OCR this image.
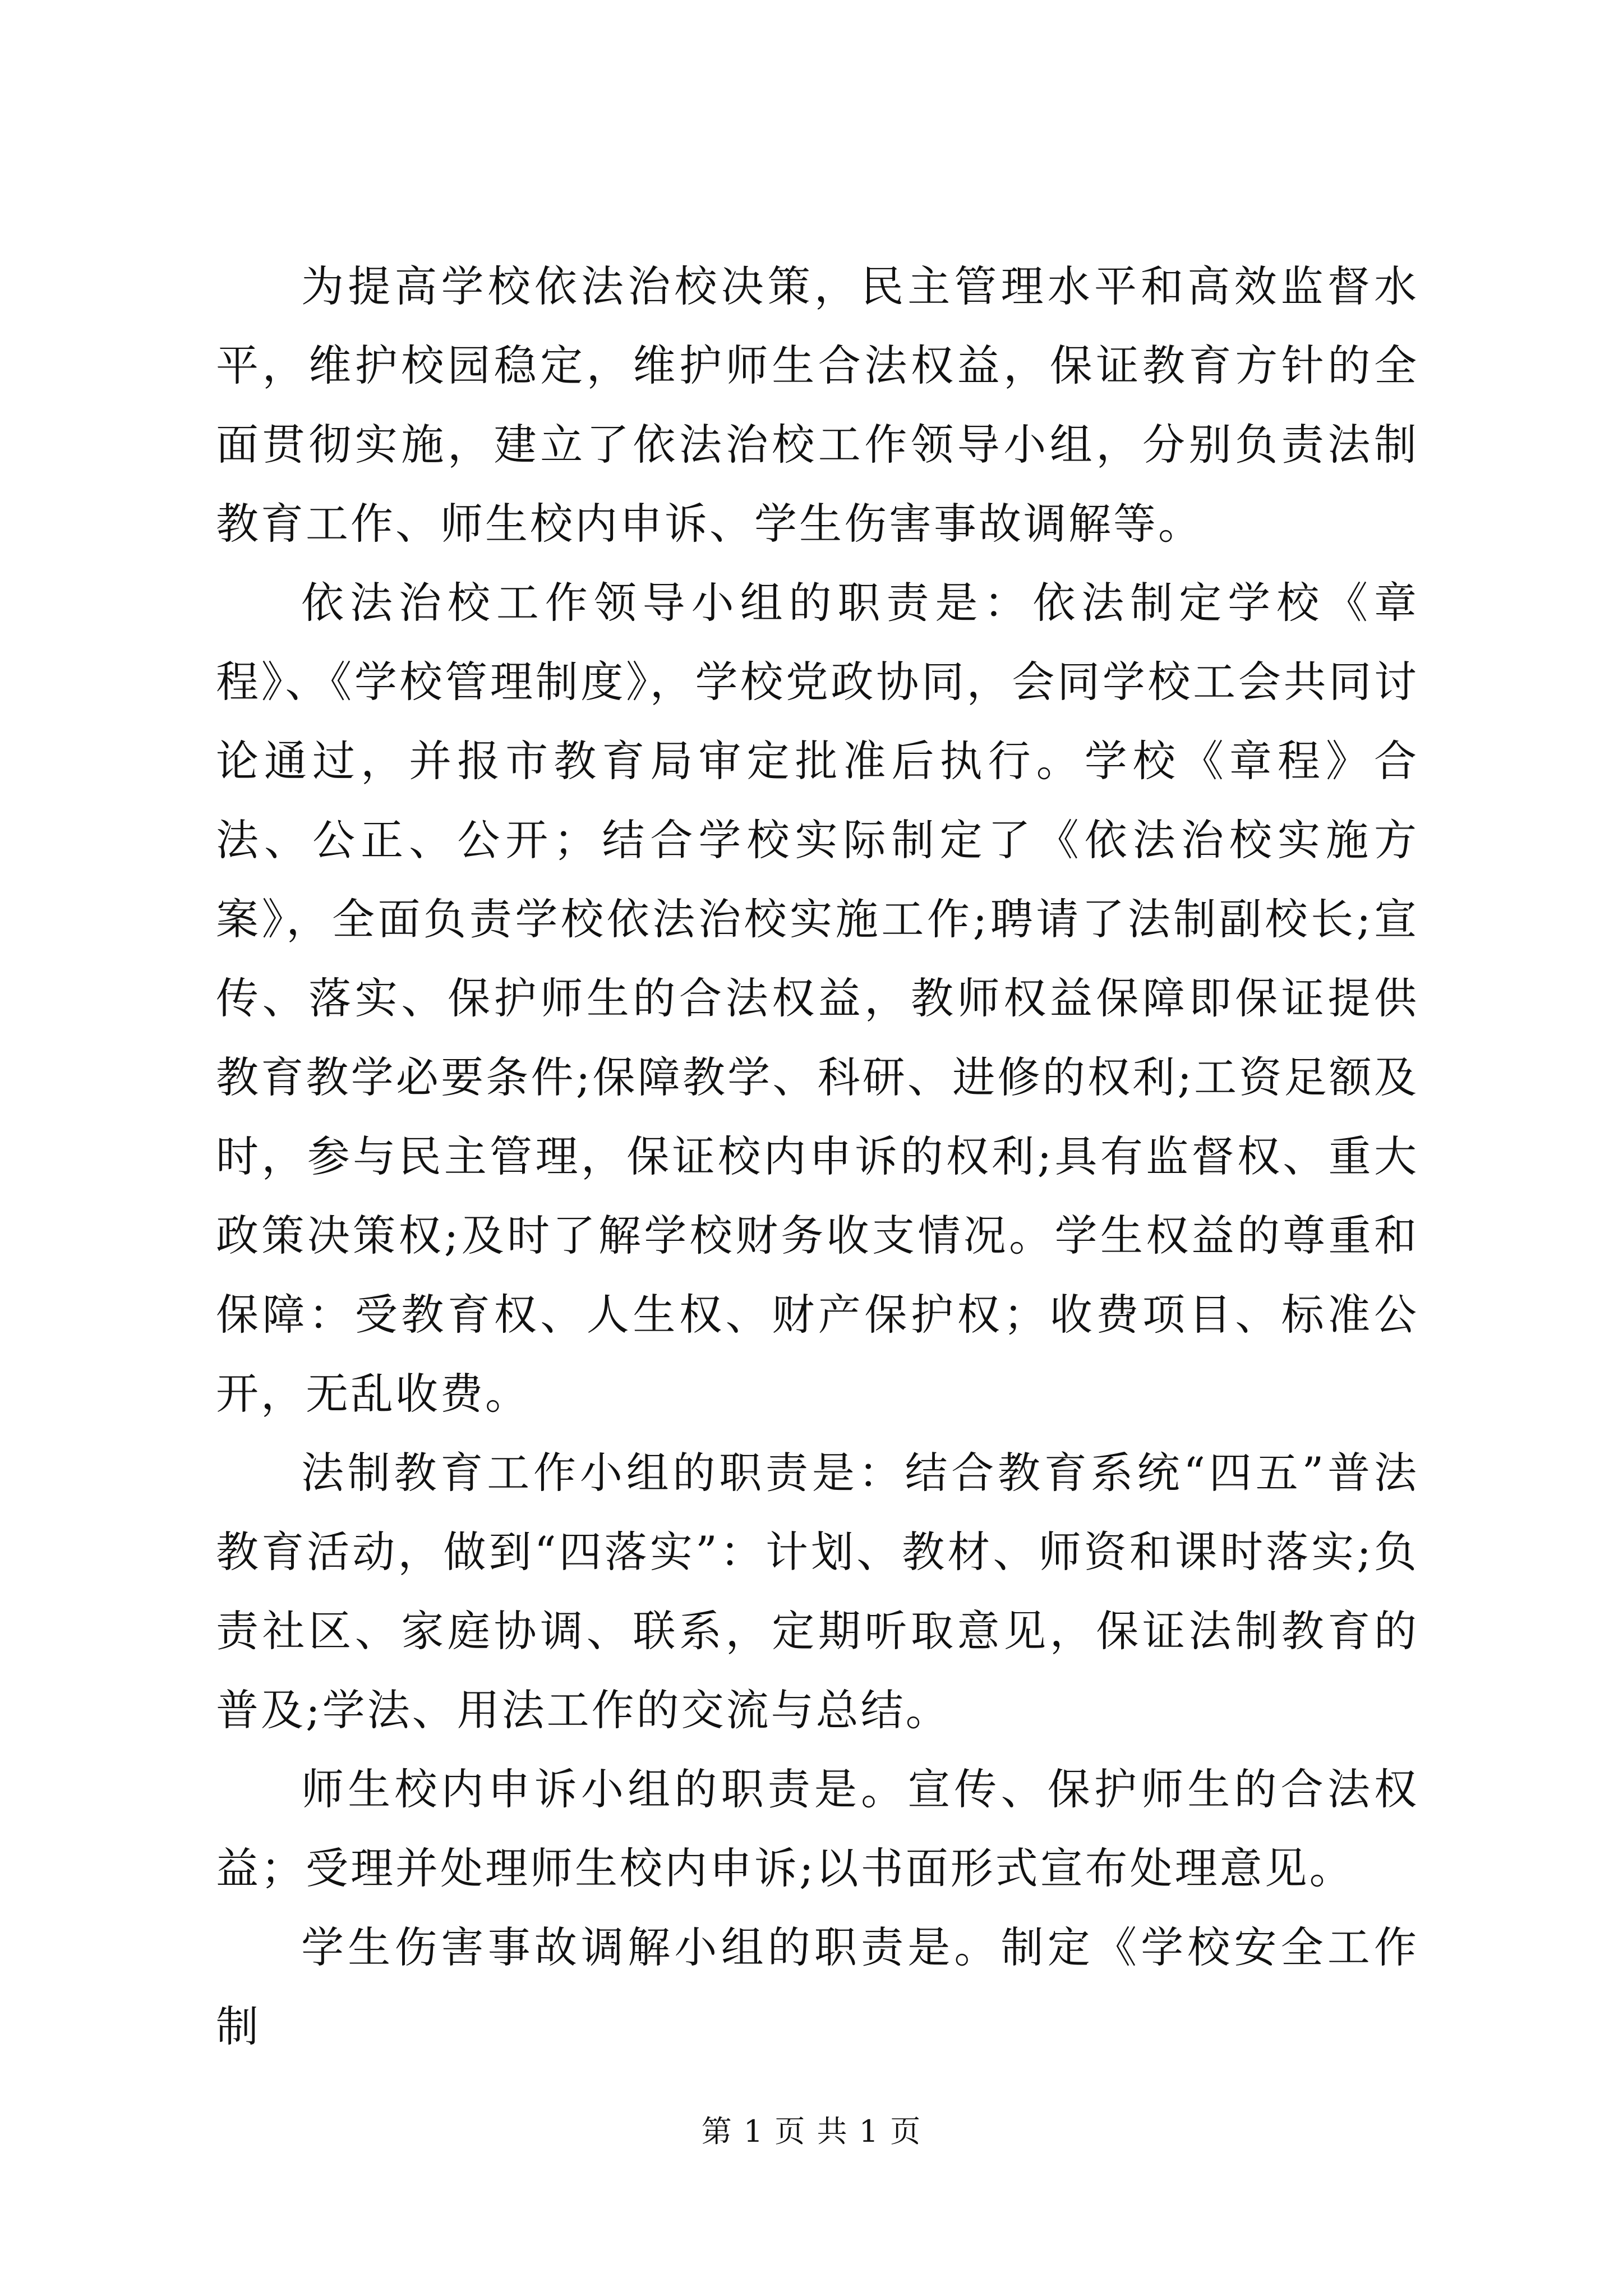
为提高学校依法治校决策，民主管理水平和高效监督水平，维护校园稳定，维护师生合法权益，保证教育方针的全面贯彻实施，建立了依法治校工作领导小组，分别负责法制教育工作、师生校内申诉、学生伤害事故调解等。

依法治校工作领导小组的职责是：依法制定学校《章程》、《学校管理制度》，学校党政协同，会同学校工会共同讨论通过，并报市教育局审定批准后执行。学校《章程》合法、公正、公开；结合学校实际制定了《依法治校实施方案》，全面负责学校依法治校实施工作;聘请了法制副校长;宣传、落实、保护师生的合法权益，教师权益保障即保证提供教育教学必要条件;保障教学、科研、进修的权利;工资足额及时，参与民主管理，保证校内申诉的权利;具有监督权、重大政策决策权;及时了解学校财务收支情况。学生权益的尊重和保障：受教育权、人生权、财产保护权；收费项目、标准公开，无乱收费。

法制教育工作小组的职责是：结合教育系统“四五”普法教育活动，做到“四落实”：计划、教材、师资和课时落实;负责社区、家庭协调、联系，定期听取意见，保证法制教育的普及;学法、用法工作的交流与总结。

师生校内申诉小组的职责是。宣传、保护师生的合法权益；受理并处理师生校内申诉;以书面形式宣布处理意见。

学生伤害事故调解小组的职责是。制定《学校安全工作制

第 1 页 共 1 页
